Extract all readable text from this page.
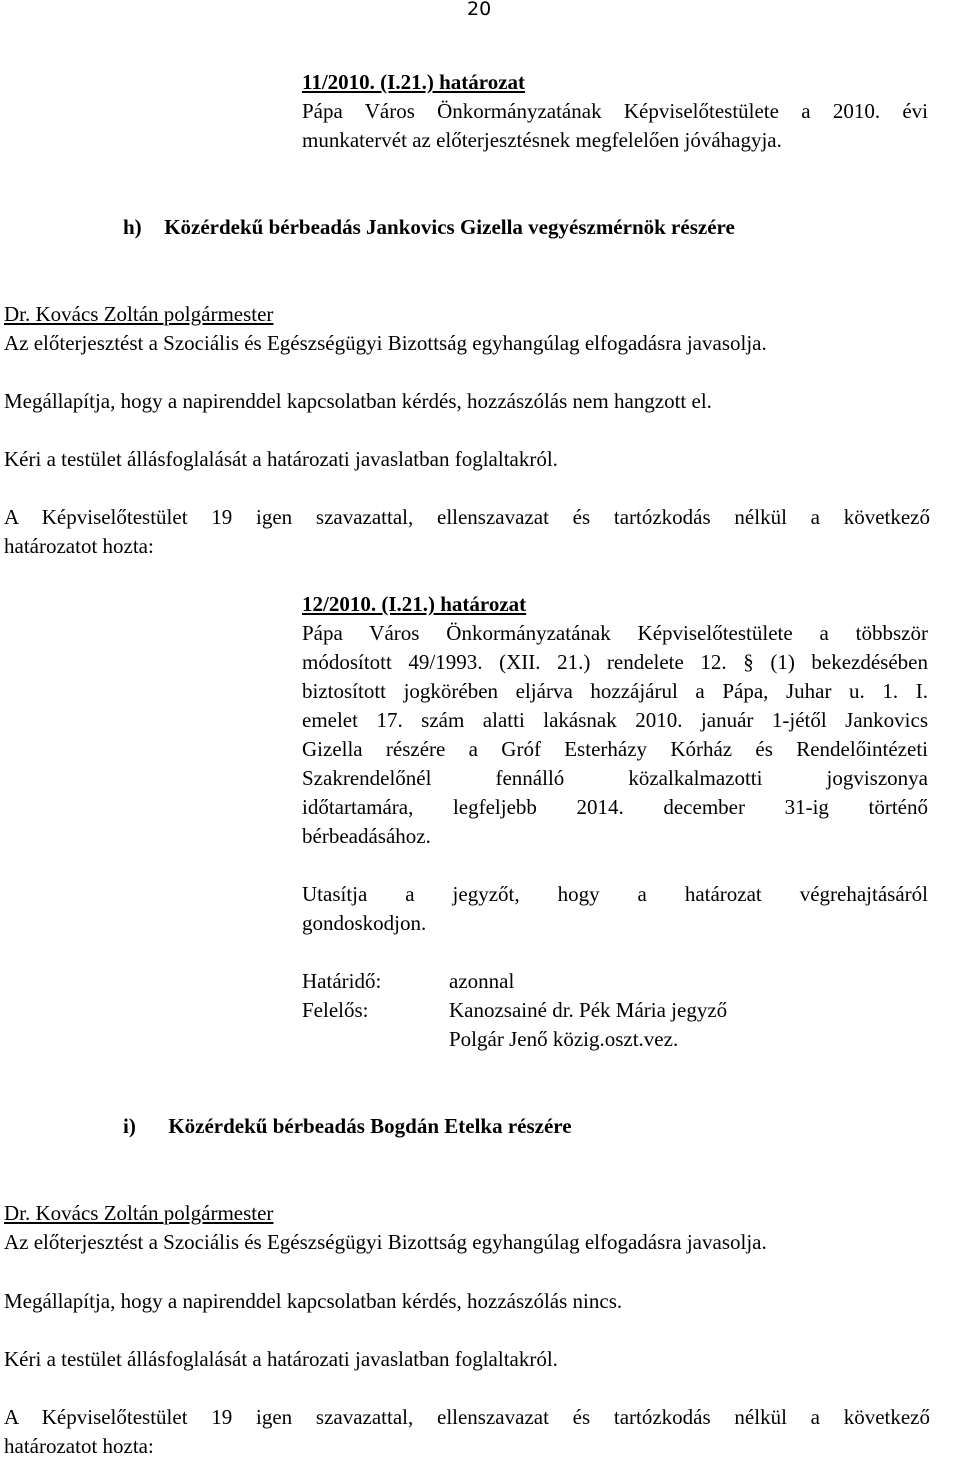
20
11/2010. (I.21.) határozat
Pápa Város Önkormányzatának Képviselőtestülete a 2010. évi
munkatervét az előterjesztésnek megfelelően jóváhagyja.
h) Közérdekű bérbeadás Jankovics Gizella vegyészmérnök részére
Dr. Kovács Zoltán polgármester
Az előterjesztést a Szociális és Egészségügyi Bizottság egyhangúlag elfogadásra javasolja.
Megállapítja, hogy a napirenddel kapcsolatban kérdés, hozzászólás nem hangzott el.
Kéri a testület állásfoglalását a határozati javaslatban foglaltakról.
A Képviselőtestület 19 igen szavazattal, ellenszavazat és tartózkodás nélkül a következő
határozatot hozta:
12/2010. (I.21.) határozat
Pápa Város Önkormányzatának Képviselőtestülete a többször
módosított 49/1993. (XII. 21.) rendelete 12. § (1) bekezdésében
biztosított jogkörében eljárva hozzájárul a Pápa, Juhar u. 1. I.
emelet 17. szám alatti lakásnak 2010. január 1-jétől Jankovics
Gizella részére a Gróf Esterházy Kórház és Rendelőintézeti
Szakrendelőnél fennálló közalkalmazotti jogviszonya
időtartamára, legfeljebb 2014. december 31-ig történő
bérbeadásához.
Utasítja a jegyzőt, hogy a határozat végrehajtásáról
gondoskodjon.
Határidő:	azonnal
Felelős:	Kanozsainé dr. Pék Mária jegyző
Polgár Jenő közig.oszt.vez.
i) Közérdekű bérbeadás Bogdán Etelka részére
Dr. Kovács Zoltán polgármester
Az előterjesztést a Szociális és Egészségügyi Bizottság egyhangúlag elfogadásra javasolja.
Megállapítja, hogy a napirenddel kapcsolatban kérdés, hozzászólás nincs.
Kéri a testület állásfoglalását a határozati javaslatban foglaltakról.
A Képviselőtestület 19 igen szavazattal, ellenszavazat és tartózkodás nélkül a következő
határozatot hozta:
